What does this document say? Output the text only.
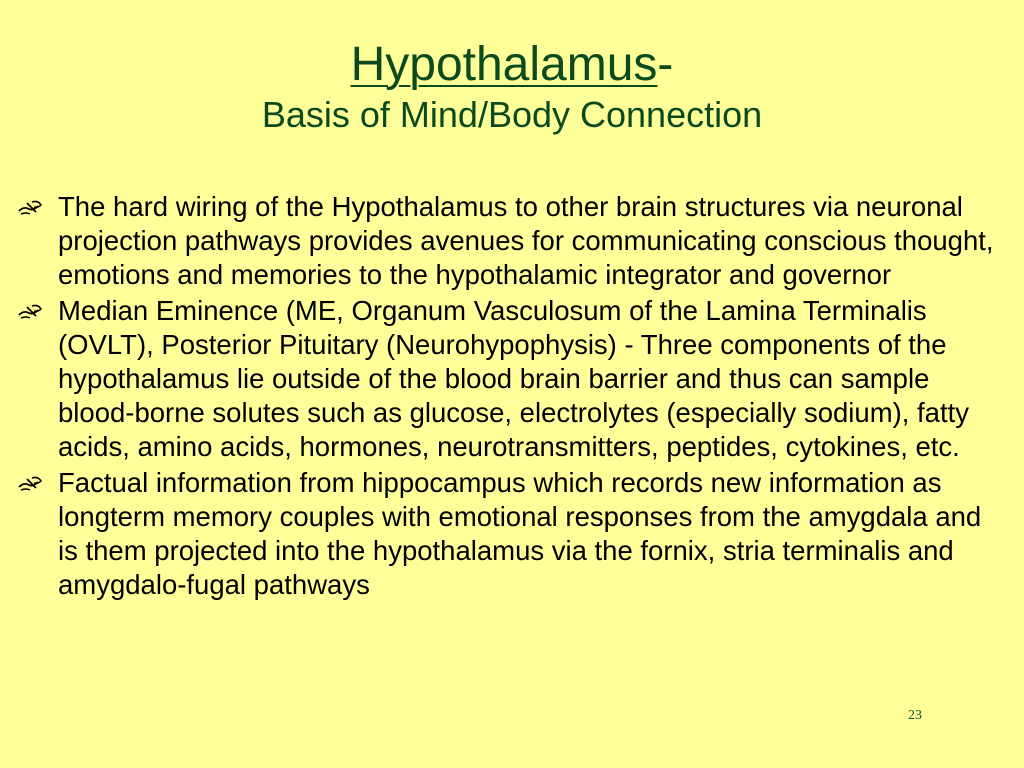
Hypothalamus-
Basis of Mind/Body Connection
The hard wiring of the Hypothalamus to other brain structures via neuronal projection pathways provides avenues for communicating conscious thought, emotions and memories to the hypothalamic integrator and governor
Median Eminence (ME, Organum Vasculosum of the Lamina Terminalis (OVLT), Posterior Pituitary (Neurohypophysis) - Three components of the hypothalamus lie outside of the blood brain barrier and thus can sample blood-borne solutes such as glucose, electrolytes (especially sodium), fatty acids, amino acids, hormones, neurotransmitters, peptides, cytokines, etc.
Factual information from hippocampus which records new information as longterm memory couples with emotional responses from the amygdala and is them projected into the hypothalamus via the fornix, stria terminalis and amygdalo-fugal pathways
23
